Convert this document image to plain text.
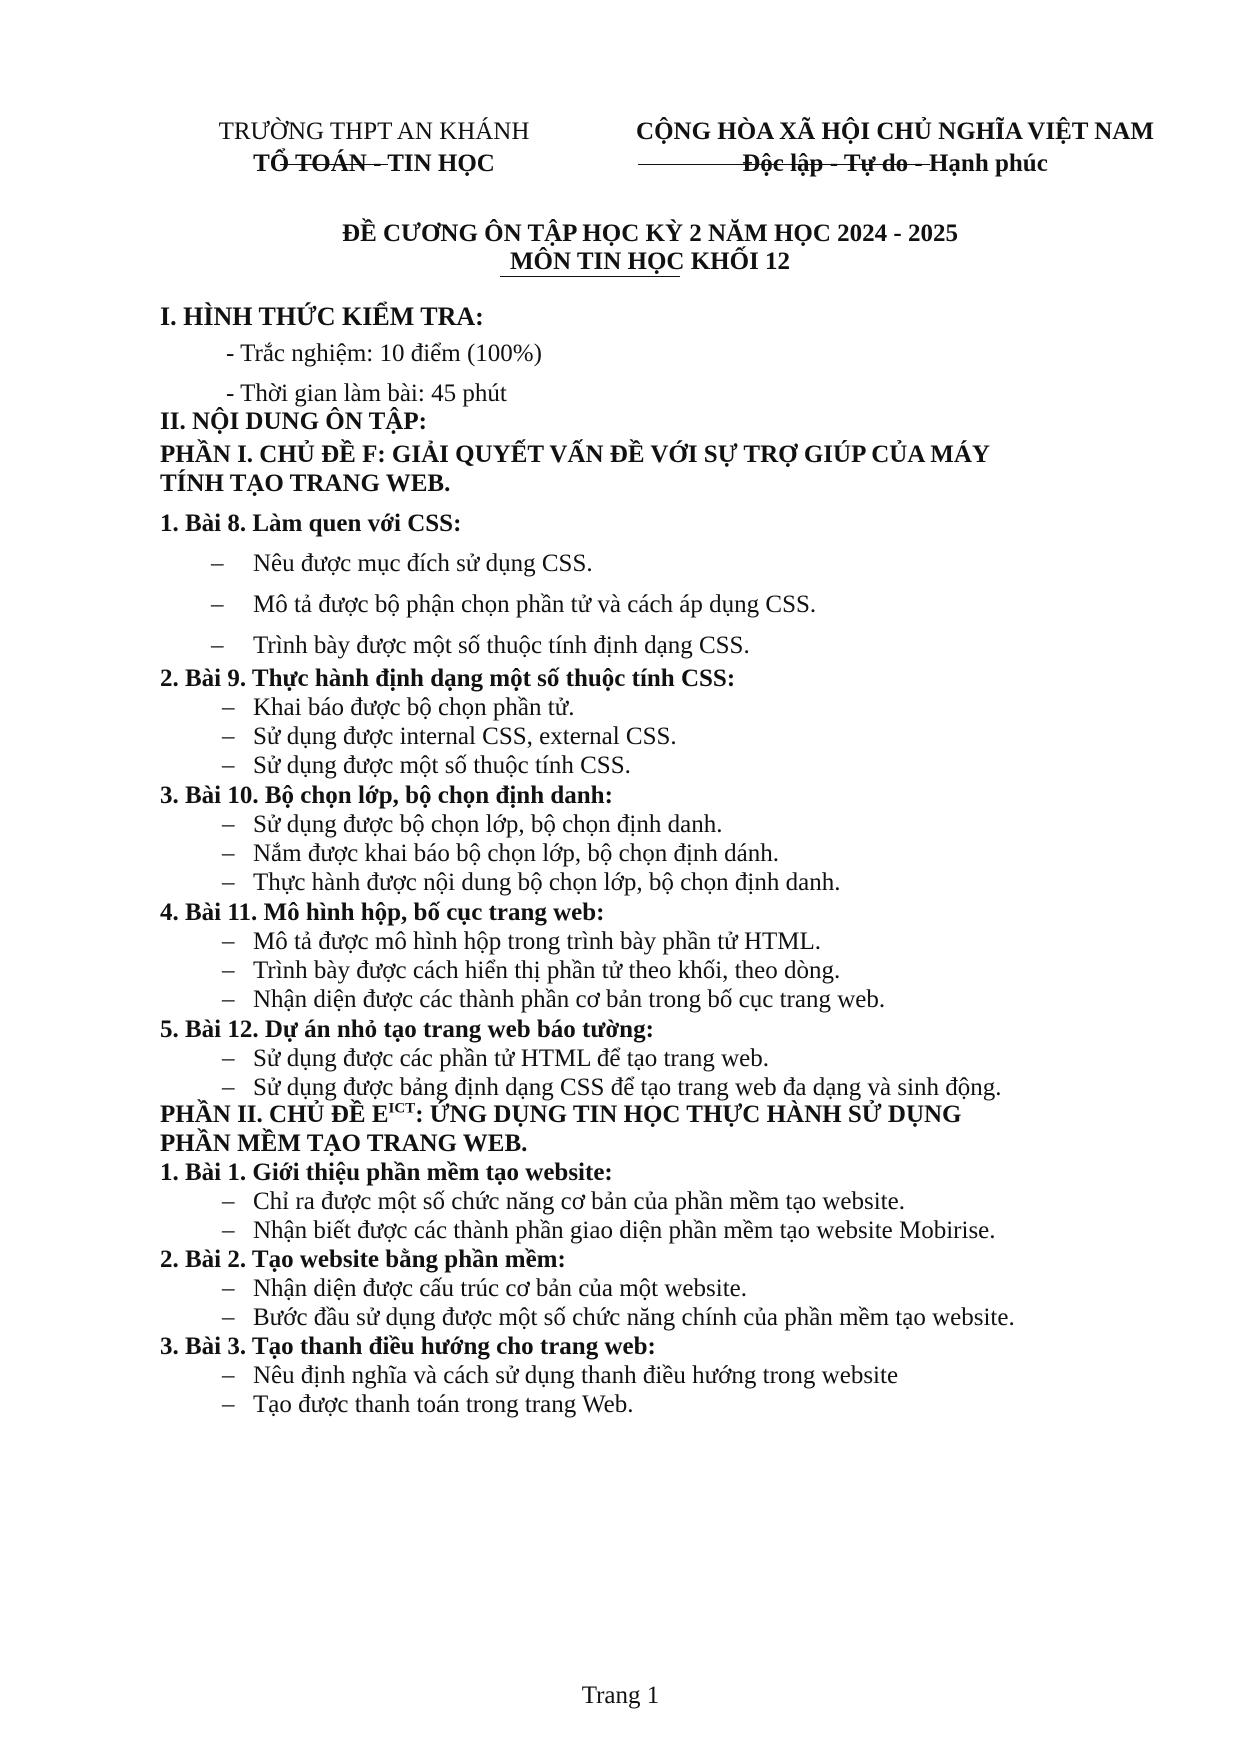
TRƯỜNG THPT AN KHÁNH
TỔ TOÁN - TIN HỌC
CỘNG HÒA XÃ HỘI CHỦ NGHĨA VIỆT NAM
Độc lập - Tự do - Hạnh phúc
ĐỀ CƯƠNG ÔN TẬP HỌC KỲ 2 NĂM HỌC 2024 - 2025
MÔN TIN HỌC KHỐI 12
I. HÌNH THỨC KIỂM TRA:
- Trắc nghiệm: 10 điểm (100%)
- Thời gian làm bài: 45 phút
II. NỘI DUNG ÔN TẬP:
PHẦN I. CHỦ ĐỀ F: GIẢI QUYẾT VẤN ĐỀ VỚI SỰ TRỢ GIÚP CỦA MÁY
TÍNH TẠO TRANG WEB.
1. Bài 8. Làm quen với CSS:
– Nêu được mục đích sử dụng CSS.
– Mô tả được bộ phận chọn phần tử và cách áp dụng CSS.
– Trình bày được một số thuộc tính định dạng CSS.
2. Bài 9. Thực hành định dạng một số thuộc tính CSS:
– Khai báo được bộ chọn phần tử.
– Sử dụng được internal CSS, external CSS.
– Sử dụng được một số thuộc tính CSS.
3. Bài 10. Bộ chọn lớp, bộ chọn định danh:
– Sử dụng được bộ chọn lớp, bộ chọn định danh.
– Nắm được khai báo bộ chọn lớp, bộ chọn định dánh.
– Thực hành được nội dung bộ chọn lớp, bộ chọn định danh.
4. Bài 11. Mô hình hộp, bố cục trang web:
– Mô tả được mô hình hộp trong trình bày phần tử HTML.
– Trình bày được cách hiển thị phần tử theo khối, theo dòng.
– Nhận diện được các thành phần cơ bản trong bố cục trang web.
5. Bài 12. Dự án nhỏ tạo trang web báo tường:
– Sử dụng được các phần tử HTML để tạo trang web.
– Sử dụng được bảng định dạng CSS để tạo trang web đa dạng và sinh động.
PHẦN II. CHỦ ĐỀ $E^{ICT}$: ỨNG DỤNG TIN HỌC THỰC HÀNH SỬ DỤNG
PHẦN MỀM TẠO TRANG WEB.
1. Bài 1. Giới thiệu phần mềm tạo website:
– Chỉ ra được một số chức năng cơ bản của phần mềm tạo website.
– Nhận biết được các thành phần giao diện phần mềm tạo website Mobirise.
2. Bài 2. Tạo website bằng phần mềm:
– Nhận diện được cấu trúc cơ bản của một website.
– Bước đầu sử dụng được một số chức năng chính của phần mềm tạo website.
3. Bài 3. Tạo thanh điều hướng cho trang web:
– Nêu định nghĩa và cách sử dụng thanh điều hướng trong website
– Tạo được thanh toán trong trang Web.
Trang 1
